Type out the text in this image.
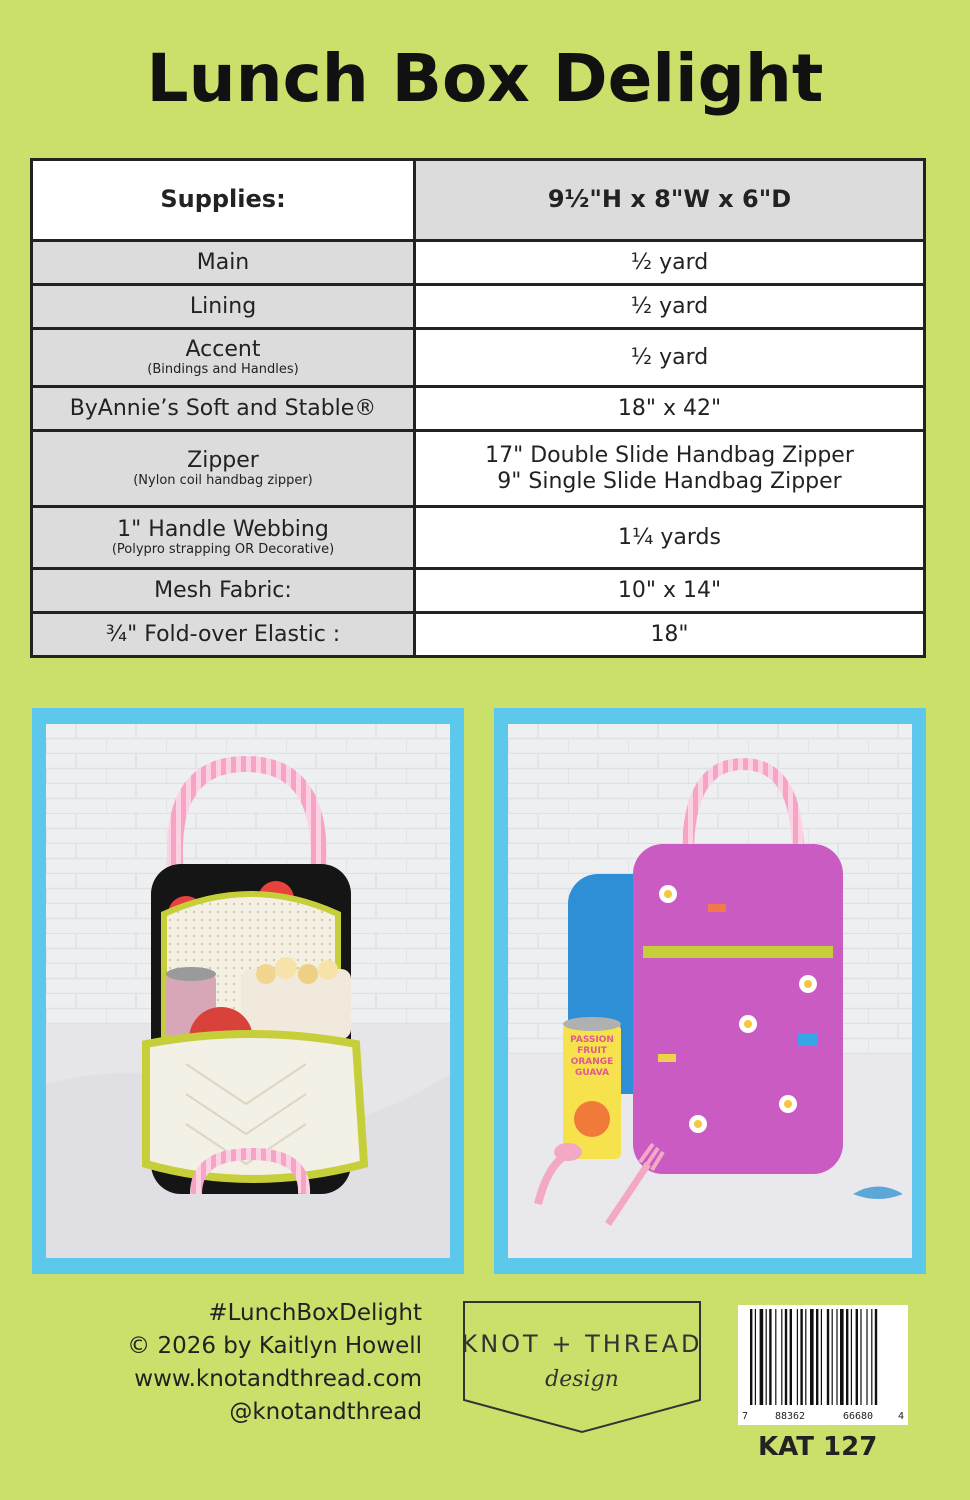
Lunch Box Delight
Supplies:	9½"H x 8"W x 6"D
Main	½ yard
Lining	½ yard
Accent
(Bindings and Handles)	½ yard
ByAnnie’s Soft and Stable®	18" x 42"
Zipper
(Nylon coil handbag zipper)	17" Double Slide Handbag Zipper
9" Single Slide Handbag Zipper

1" Handle Webbing
(Polypro strapping OR Decorative)	1¼ yards
Mesh Fabric:	10" x 14"
¾" Fold-over Elastic :	18"
PASSION
FRUIT
ORANGE
GUAVA
#LunchBoxDelight
© 2026 by Kaitlyn Howell
www.knotandthread.com
@knotandthread
KNOT + THREAD
design
7	88362	66680 4
KAT 127
